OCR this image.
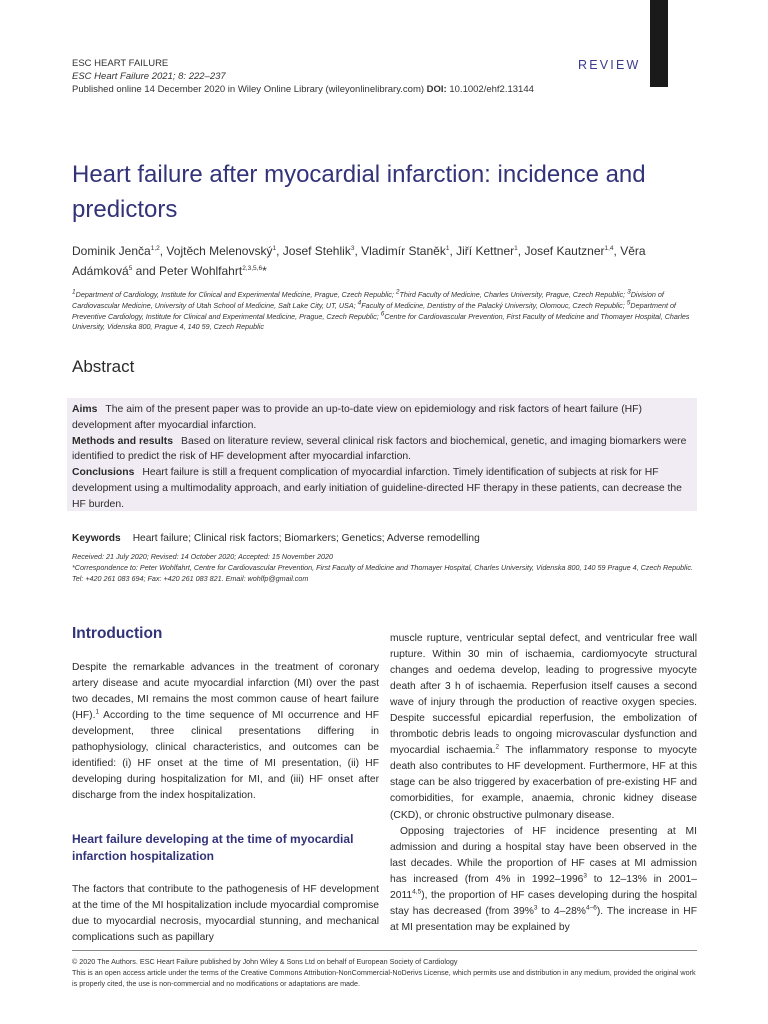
ESC HEART FAILURE
ESC Heart Failure 2021; 8: 222–237
Published online 14 December 2020 in Wiley Online Library (wileyonlinelibrary.com) DOI: 10.1002/ehf2.13144
REVIEW
Heart failure after myocardial infarction: incidence and predictors
Dominik Jenča$^{1,2}$, Vojtěch Melenovský$^1$, Josef Stehlik$^3$, Vladimír Staněk$^1$, Jiří Kettner$^1$, Josef Kautzner$^{1,4}$, Věra Adámková$^5$ and Peter Wohlfahrt$^{2,3,5,6}$*
$^1$Department of Cardiology, Institute for Clinical and Experimental Medicine, Prague, Czech Republic; $^2$Third Faculty of Medicine, Charles University, Prague, Czech Republic; $^3$Division of Cardiovascular Medicine, University of Utah School of Medicine, Salt Lake City, UT, USA; $^4$Faculty of Medicine, Dentistry of the Palacký University, Olomouc, Czech Republic; $^5$Department of Preventive Cardiology, Institute for Clinical and Experimental Medicine, Prague, Czech Republic; $^6$Centre for Cardiovascular Prevention, First Faculty of Medicine and Thomayer Hospital, Charles University, Videnska 800, Prague 4, 140 59, Czech Republic
Abstract

Aims The aim of the present paper was to provide an up-to-date view on epidemiology and risk factors of heart failure (HF) development after myocardial infarction.

Methods and results Based on literature review, several clinical risk factors and biochemical, genetic, and imaging biomarkers were identified to predict the risk of HF development after myocardial infarction.

Conclusions Heart failure is still a frequent complication of myocardial infarction. Timely identification of subjects at risk for HF development using a multimodality approach, and early initiation of guideline-directed HF therapy in these patients, can decrease the HF burden.

Keywords Heart failure; Clinical risk factors; Biomarkers; Genetics; Adverse remodelling

Received: 21 July 2020; Revised: 14 October 2020; Accepted: 15 November 2020

*Correspondence to: Peter Wohlfahrt, Centre for Cardiovascular Prevention, First Faculty of Medicine and Thomayer Hospital, Charles University, Videnska 800, 140 59 Prague 4, Czech Republic. Tel: +420 261 083 694; Fax: +420 261 083 821. Email: wohlfp@gmail.com

Introduction

Despite the remarkable advances in the treatment of coronary artery disease and acute myocardial infarction (MI) over the past two decades, MI remains the most common cause of heart failure (HF).$^1$ According to the time sequence of MI occurrence and HF development, three clinical presentations differing in pathophysiology, clinical characteristics, and outcomes can be identified: (i) HF onset at the time of MI presentation, (ii) HF developing during hospitalization for MI, and (iii) HF onset after discharge from the index hospitalization.

Heart failure developing at the time of myocardial infarction hospitalization

The factors that contribute to the pathogenesis of HF development at the time of the MI hospitalization include myocardial compromise due to myocardial necrosis, myocardial stunning, and mechanical complications such as papillary

muscle rupture, ventricular septal defect, and ventricular free wall rupture. Within 30 min of ischaemia, cardiomyocyte structural changes and oedema develop, leading to progressive myocyte death after 3 h of ischaemia. Reperfusion itself causes a second wave of injury through the production of reactive oxygen species. Despite successful epicardial reperfusion, the embolization of thrombotic debris leads to ongoing microvascular dysfunction and myocardial ischaemia.$^2$ The inflammatory response to myocyte death also contributes to HF development. Furthermore, HF at this stage can be also triggered by exacerbation of pre-existing HF and comorbidities, for example, anaemia, chronic kidney disease (CKD), or chronic obstructive pulmonary disease.

Opposing trajectories of HF incidence presenting at MI admission and during a hospital stay have been observed in the last decades. While the proportion of HF cases at MI admission has increased (from 4% in 1992–1996$^3$ to 12–13% in 2001–2011$^{4,5}$), the proportion of HF cases developing during the hospital stay has decreased (from 39%$^3$ to 4–28%$^{4-6}$). The increase in HF at MI presentation may be explained by

© 2020 The Authors. ESC Heart Failure published by John Wiley & Sons Ltd on behalf of European Society of Cardiology

This is an open access article under the terms of the Creative Commons Attribution-NonCommercial-NoDerivs License, which permits use and distribution in any medium, provided the original work is properly cited, the use is non-commercial and no modifications or adaptations are made.
